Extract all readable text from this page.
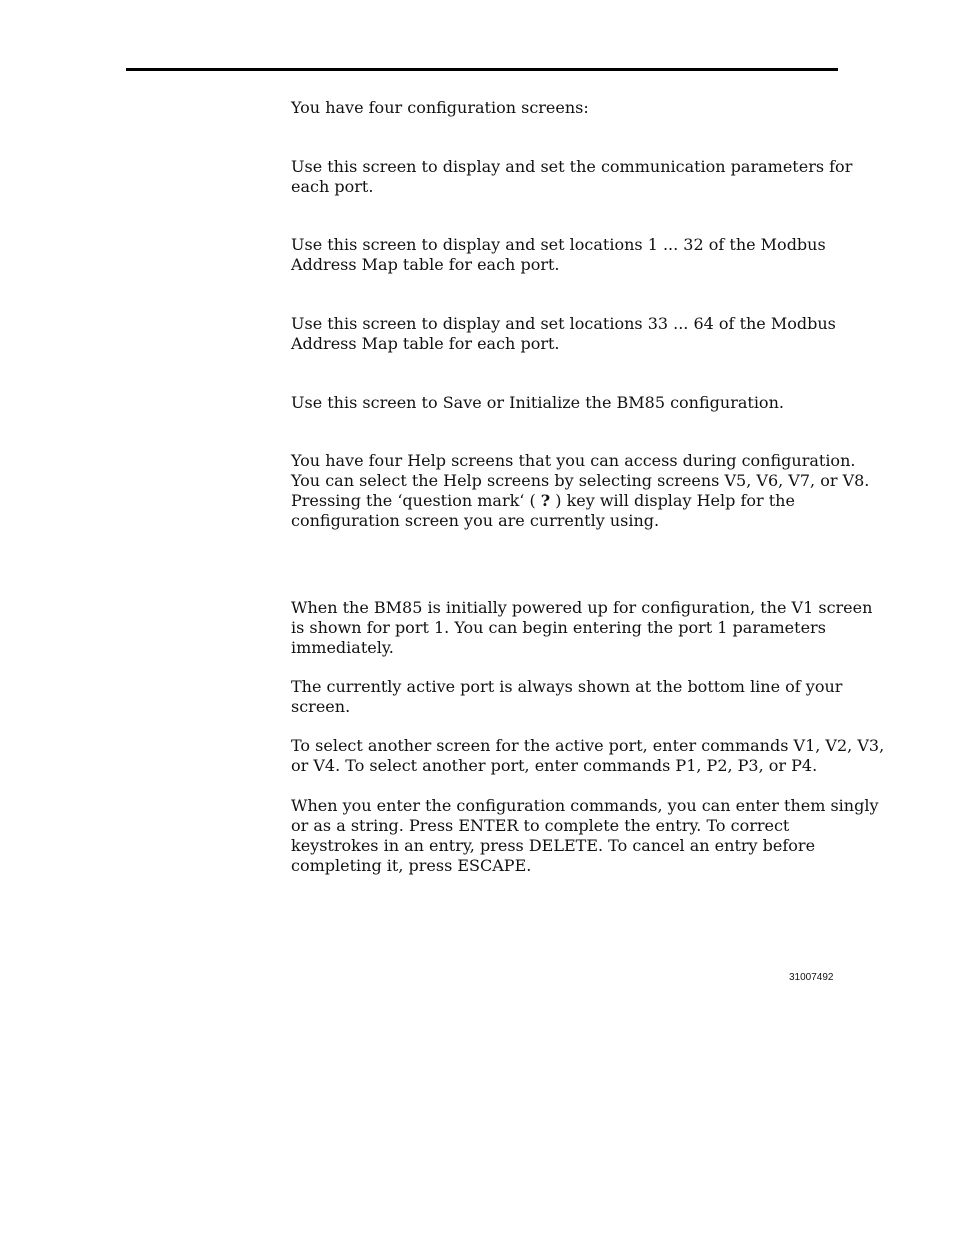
You have four configuration screens:

Use this screen to display and set the communication parameters for
each port.

Use this screen to display and set locations 1 ... 32 of the Modbus
Address Map table for each port.

Use this screen to display and set locations 33 ... 64 of the Modbus
Address Map table for each port.

Use this screen to Save or Initialize the BM85 configuration.

You have four Help screens that you can access during configuration.
You can select the Help screens by selecting screens V5, V6, V7, or V8.
Pressing the ‘question mark‘ ( ? ) key will display Help for the
configuration screen you are currently using.

When the BM85 is initially powered up for configuration, the V1 screen
is shown for port 1. You can begin entering the port 1 parameters
immediately.

The currently active port is always shown at the bottom line of your
screen.

To select another screen for the active port, enter commands V1, V2, V3,
or V4. To select another port, enter commands P1, P2, P3, or P4.

When you enter the configuration commands, you can enter them singly
or as a string. Press ENTER to complete the entry. To correct
keystrokes in an entry, press DELETE. To cancel an entry before
completing it, press ESCAPE.

31007492
